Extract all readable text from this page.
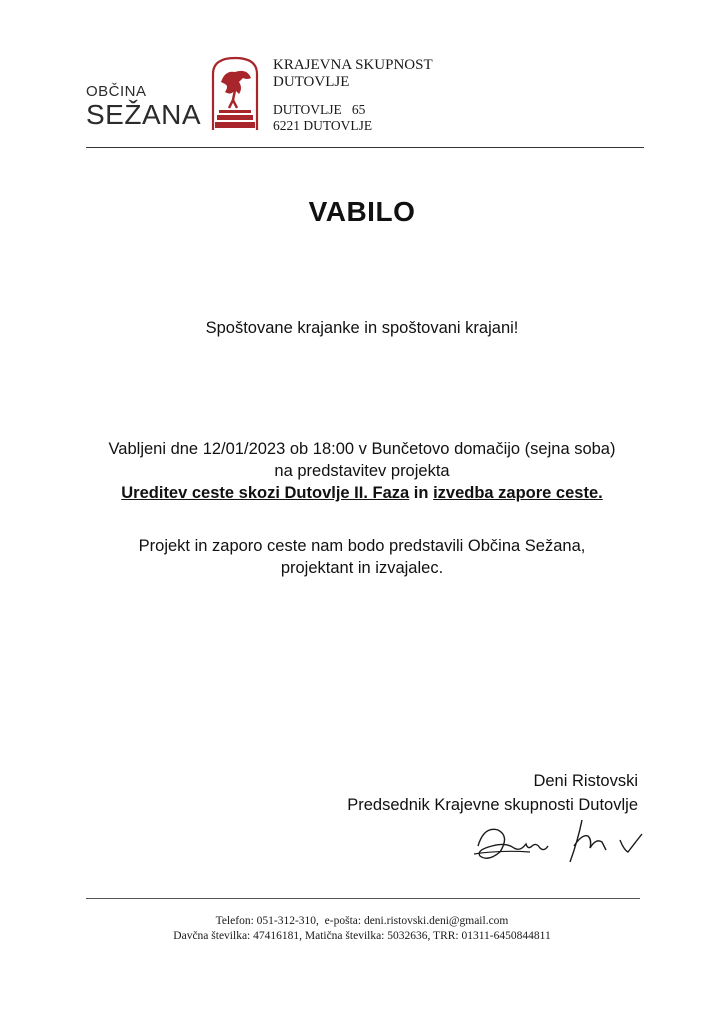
OBČINA
SEŽANA
KRAJEVNA SKUPNOST
DUTOVLJE
DUTOVLJE   65
6221 DUTOVLJE
VABILO
Spoštovane krajanke in spoštovani krajani!
Vabljeni dne 12/01/2023 ob 18:00 v Bunčetovo domačijo (sejna soba)
na predstavitev projekta
Ureditev ceste skozi Dutovlje II. Faza in izvedba zapore ceste.
Projekt in zaporo ceste nam bodo predstavili Občina Sežana,
projektant in izvajalec.
Deni Ristovski
Predsednik Krajevne skupnosti Dutovlje
Telefon: 051-312-310,  e-pošta: deni.ristovski.deni@gmail.com
Davčna številka: 47416181, Matična številka: 5032636, TRR: 01311-6450844811
